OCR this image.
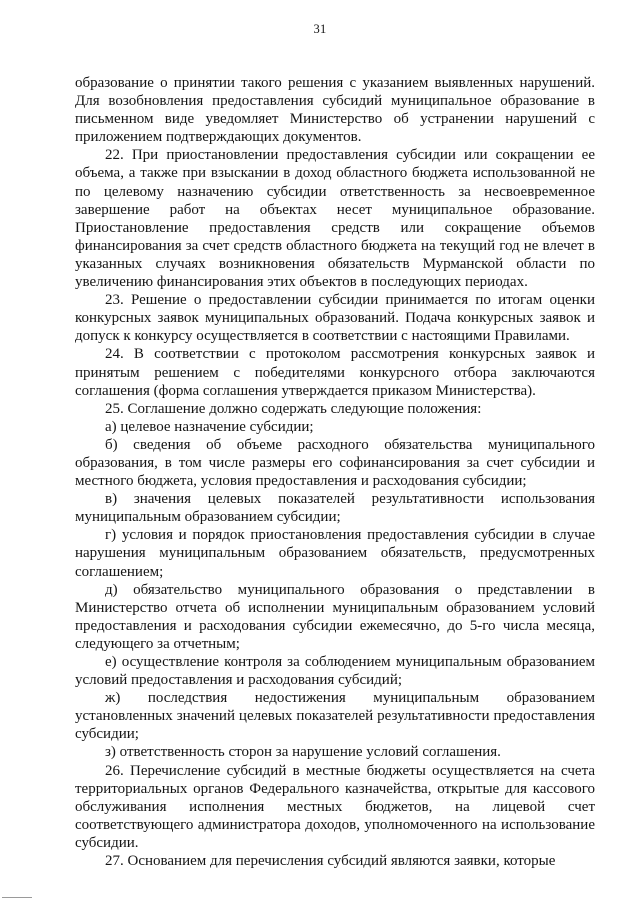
31

образование о принятии такого решения с указанием выявленных нарушений. Для возобновления предоставления субсидий муниципальное образование в письменном виде уведомляет Министерство об устранении нарушений с приложением подтверждающих документов.

22. При приостановлении предоставления субсидии или сокращении ее объема, а также при взыскании в доход областного бюджета использованной не по целевому назначению субсидии ответственность за несвоевременное завершение работ на объектах несет муниципальное образование. Приостановление предоставления средств или сокращение объемов финансирования за счет средств областного бюджета на текущий год не влечет в указанных случаях возникновения обязательств Мурманской области по увеличению финансирования этих объектов в последующих периодах.

23. Решение о предоставлении субсидии принимается по итогам оценки конкурсных заявок муниципальных образований. Подача конкурсных заявок и допуск к конкурсу осуществляется в соответствии с настоящими Правилами.

24. В соответствии с протоколом рассмотрения конкурсных заявок и принятым решением с победителями конкурсного отбора заключаются соглашения (форма соглашения утверждается приказом Министерства).

25. Соглашение должно содержать следующие положения:

а) целевое назначение субсидии;

б) сведения об объеме расходного обязательства муниципального образования, в том числе размеры его софинансирования за счет субсидии и местного бюджета, условия предоставления и расходования субсидии;

в) значения целевых показателей результативности использования муниципальным образованием субсидии;

г) условия и порядок приостановления предоставления субсидии в случае нарушения муниципальным образованием обязательств, предусмотренных соглашением;

д) обязательство муниципального образования о представлении в Министерство отчета об исполнении муниципальным образованием условий предоставления и расходования субсидии ежемесячно, до 5-го числа месяца, следующего за отчетным;

е) осуществление контроля за соблюдением муниципальным образованием условий предоставления и расходования субсидий;

ж) последствия недостижения муниципальным образованием установленных значений целевых показателей результативности предоставления субсидии;

з) ответственность сторон за нарушение условий соглашения.

26. Перечисление субсидий в местные бюджеты осуществляется на счета территориальных органов Федерального казначейства, открытые для кассового обслуживания исполнения местных бюджетов, на лицевой счет соответствующего администратора доходов, уполномоченного на использование субсидии.

27. Основанием для перечисления субсидий являются заявки, которые
